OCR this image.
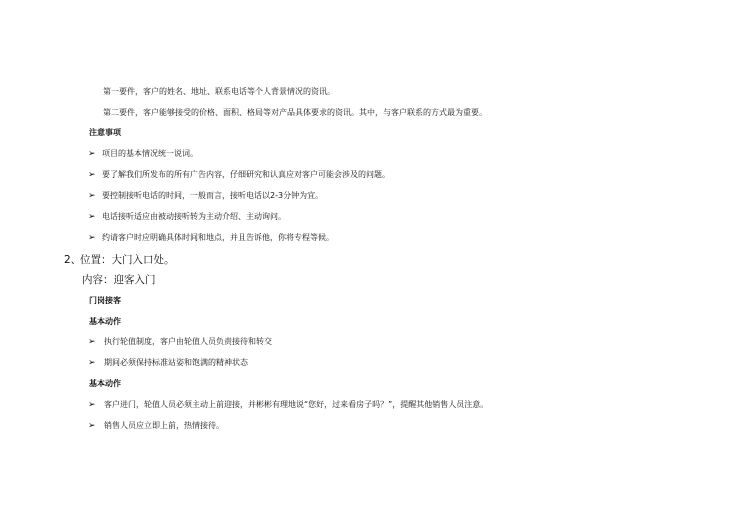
第一要件，客户的姓名、地址、联系电话等个人背景情况的资讯。
第二要件，客户能够接受的价格、面积、格局等对产品具体要求的资讯。其中，与客户联系的方式最为重要。
注意事项
➢ 项目的基本情况统一说词。
➢ 要了解我们所发布的所有广告内容，仔细研究和认真应对客户可能会涉及的问题。
➢ 要控制接听电话的时间，一般而言，接听电话以2-3分钟为宜。
➢ 电话接听适应由被动接听转为主动介绍、主动询问。
➢ 约请客户时应明确具体时间和地点，并且告诉他，你将专程等候。
2、
位置：大门入口处。
内容：迎客入门
门岗接客
基本动作
➢ 执行轮值制度，客户由轮值人员负责接待和转交
➢ 期间必须保持标准站姿和饱满的精神状态
基本动作
➢ 客户进门，轮值人员必须主动上前迎接，并彬彬有理地说“您好，过来看房子吗？”，提醒其他销售人员注意。
➢ 销售人员应立即上前，热情接待。
